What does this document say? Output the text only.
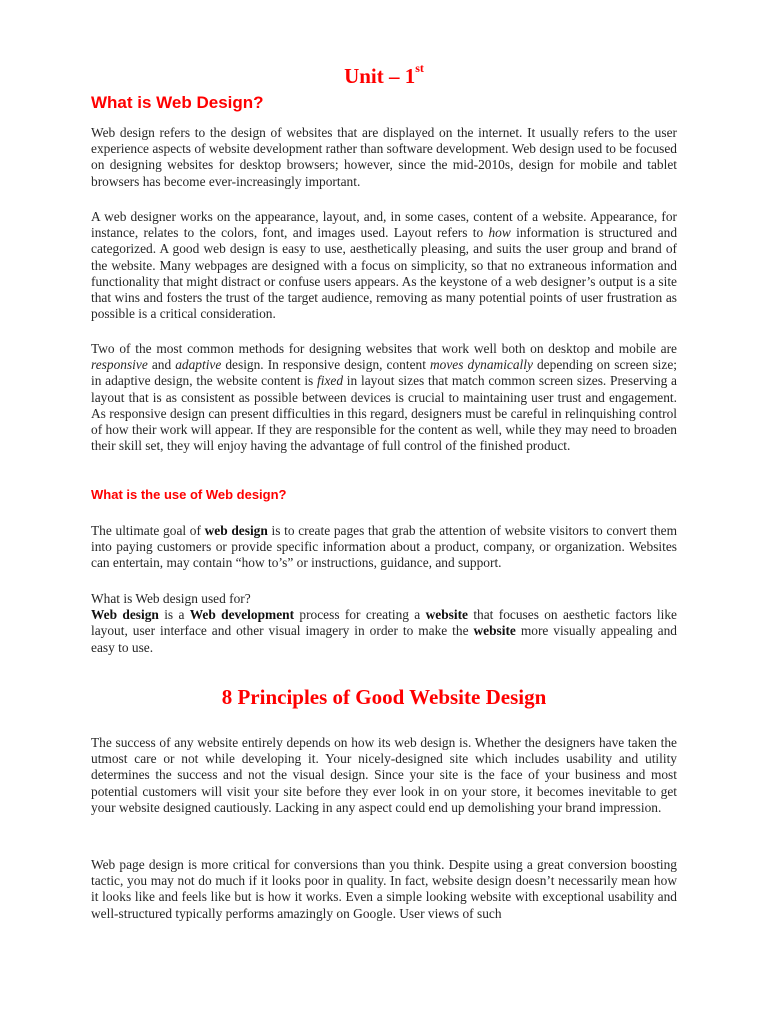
Unit – 1st
What is Web Design?

Web design refers to the design of websites that are displayed on the internet. It usually refers to the user experience aspects of website development rather than software development. Web design used to be focused on designing websites for desktop browsers; however, since the mid-2010s, design for mobile and tablet browsers has become ever-increasingly important.

A web designer works on the appearance, layout, and, in some cases, content of a website. Appearance, for instance, relates to the colors, font, and images used. Layout refers to how information is structured and categorized. A good web design is easy to use, aesthetically pleasing, and suits the user group and brand of the website. Many webpages are designed with a focus on simplicity, so that no extraneous information and functionality that might distract or confuse users appears. As the keystone of a web designer’s output is a site that wins and fosters the trust of the target audience, removing as many potential points of user frustration as possible is a critical consideration.

Two of the most common methods for designing websites that work well both on desktop and mobile are responsive and adaptive design. In responsive design, content moves dynamically depending on screen size; in adaptive design, the website content is fixed in layout sizes that match common screen sizes. Preserving a layout that is as consistent as possible between devices is crucial to maintaining user trust and engagement. As responsive design can present difficulties in this regard, designers must be careful in relinquishing control of how their work will appear. If they are responsible for the content as well, while they may need to broaden their skill set, they will enjoy having the advantage of full control of the finished product.

What is the use of Web design?

The ultimate goal of web design is to create pages that grab the attention of website visitors to convert them into paying customers or provide specific information about a product, company, or organization. Websites can entertain, may contain “how to’s” or instructions, guidance, and support.

What is Web design used for?
Web design is a Web development process for creating a website that focuses on aesthetic factors like layout, user interface and other visual imagery in order to make the website more visually appealing and easy to use.

8 Principles of Good Website Design

The success of any website entirely depends on how its web design is. Whether the designers have taken the utmost care or not while developing it. Your nicely-designed site which includes usability and utility determines the success and not the visual design. Since your site is the face of your business and most potential customers will visit your site before they ever look in on your store, it becomes inevitable to get your website designed cautiously. Lacking in any aspect could end up demolishing your brand impression.

Web page design is more critical for conversions than you think. Despite using a great conversion boosting tactic, you may not do much if it looks poor in quality. In fact, website design doesn’t necessarily mean how it looks like and feels like but is how it works. Even a simple looking website with exceptional usability and well-structured typically performs amazingly on Google. User views of such
